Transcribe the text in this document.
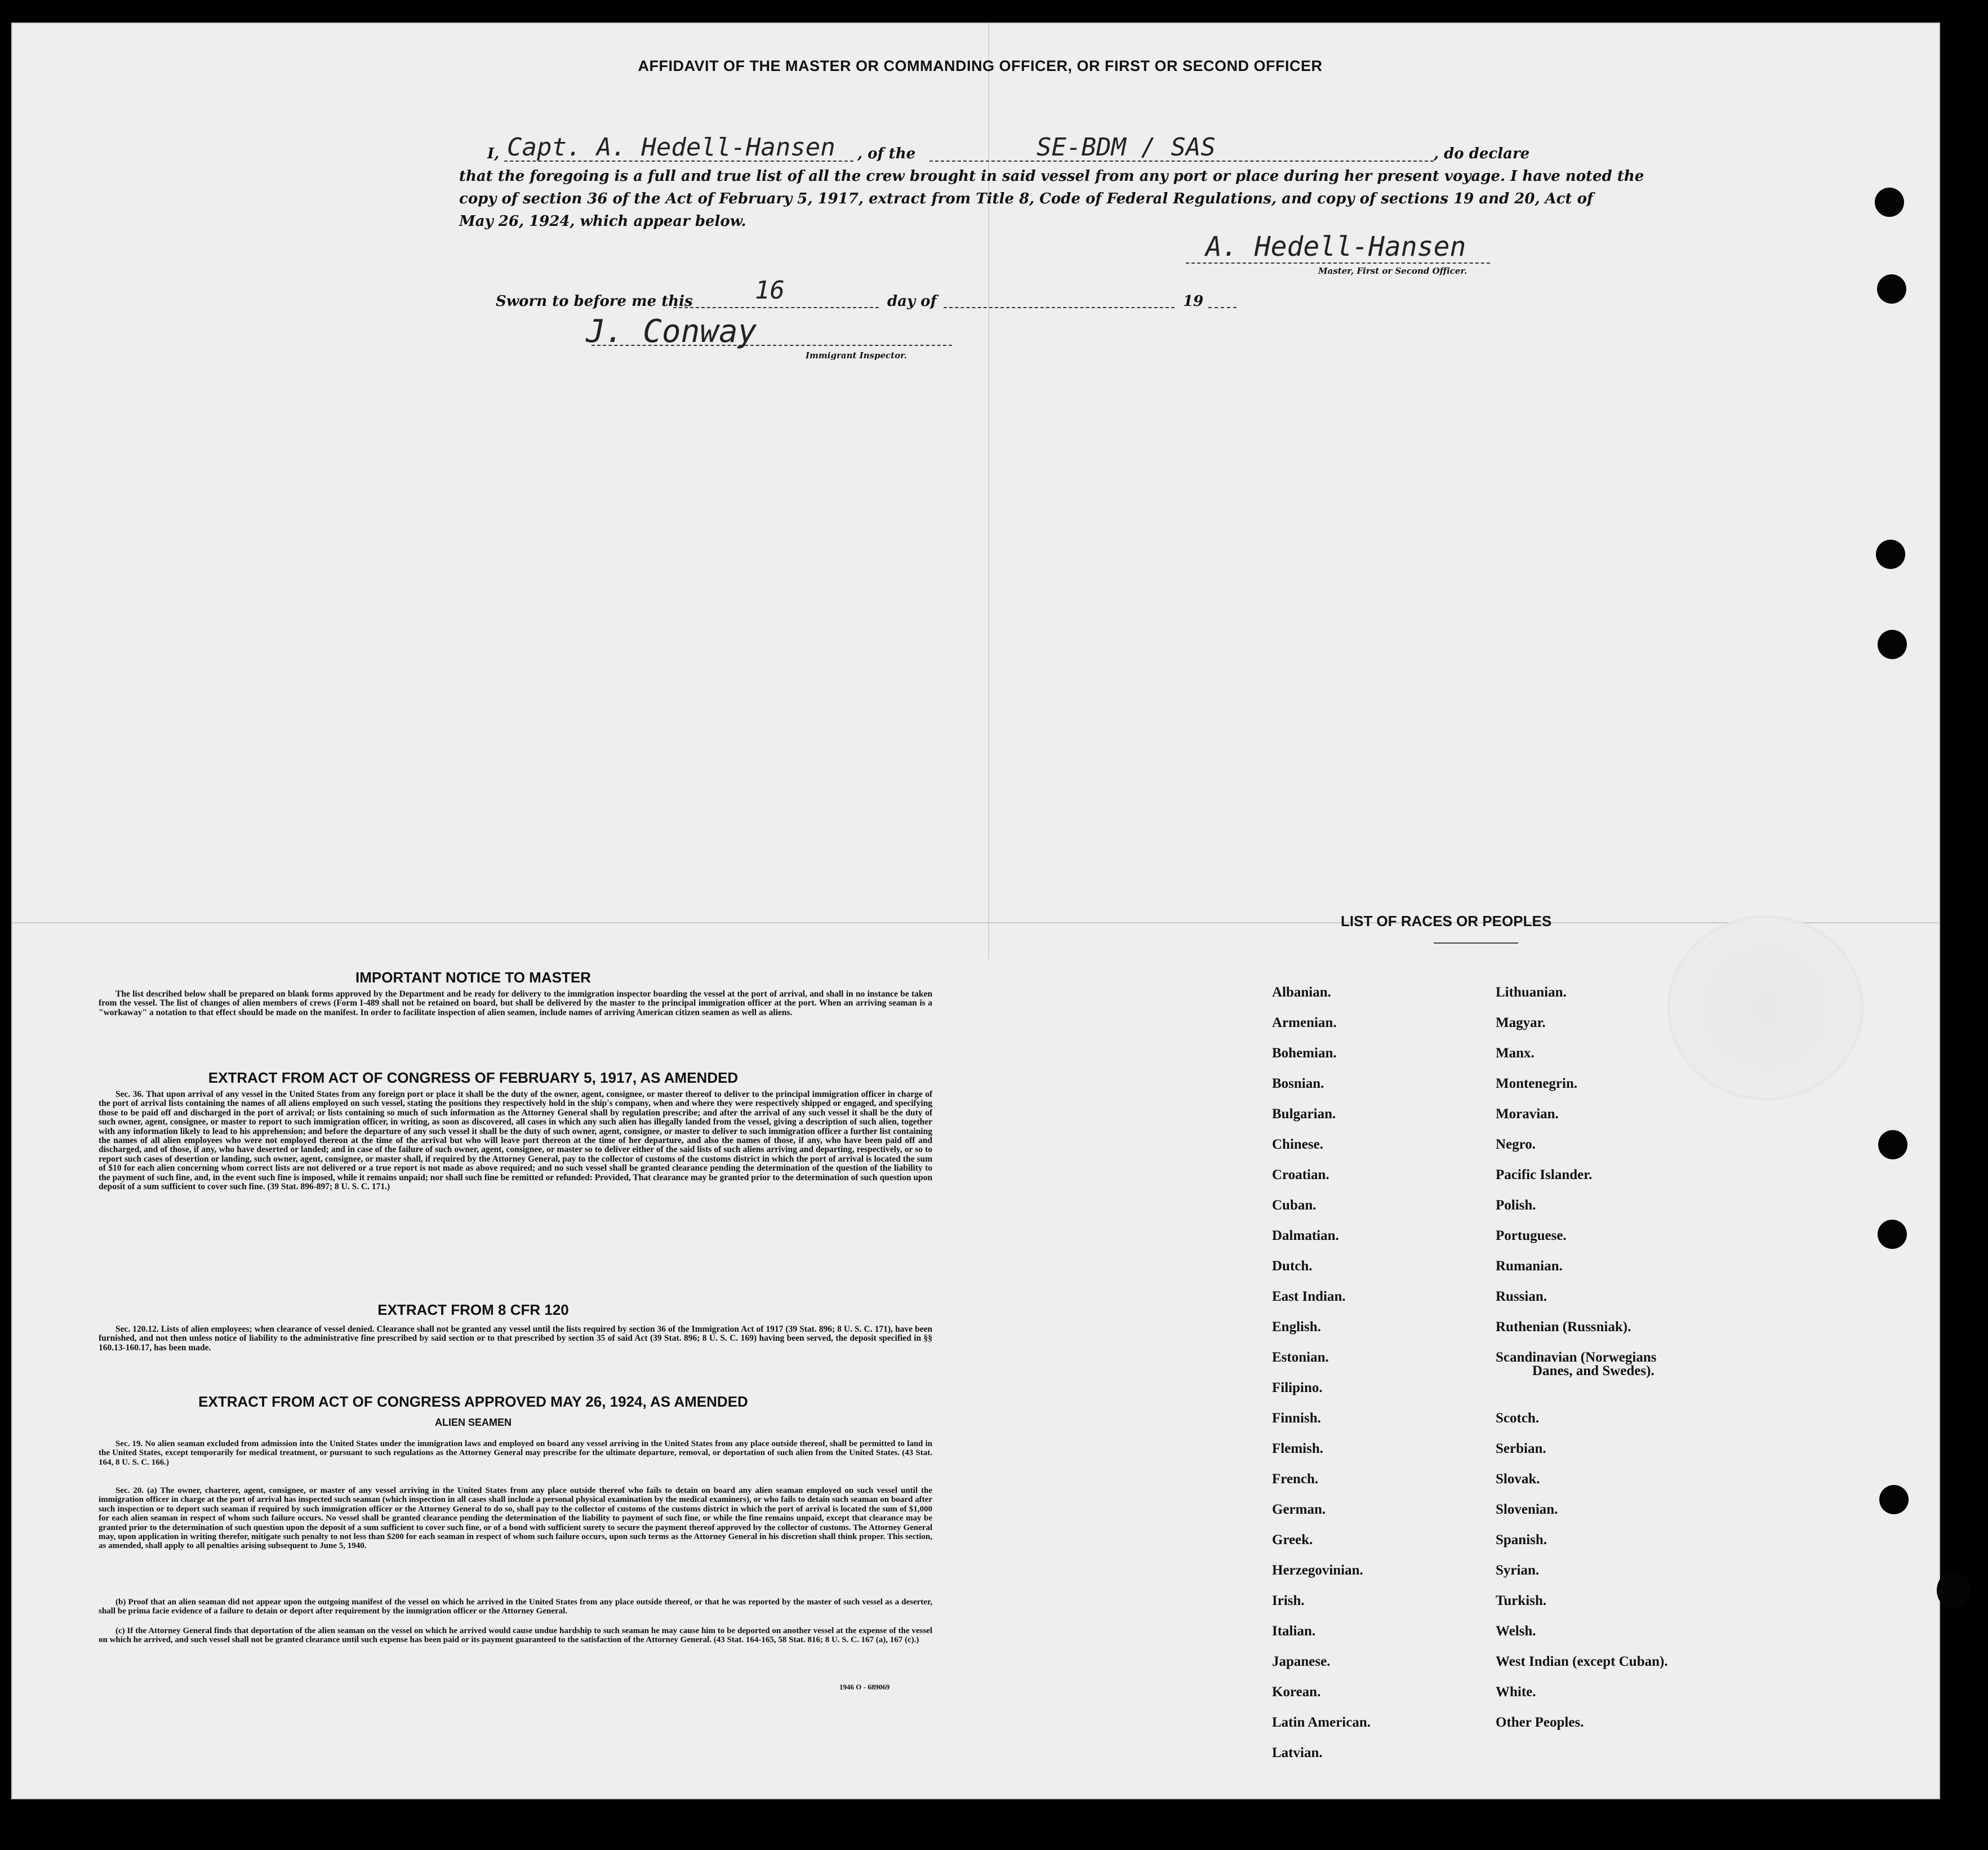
AFFIDAVIT OF THE MASTER OR COMMANDING OFFICER, OR FIRST OR SECOND OFFICER
I, Capt. A. Hedell-Hansen , of the	SE-BDM / SAS	, do declare
that the foregoing is a full and true list of all the crew brought in said vessel from any port or place during her present voyage. I have noted the
copy of section 36 of the Act of February 5, 1917, extract from Title 8, Code of Federal Regulations, and copy of sections 19 and 20, Act of
May 26, 1924, which appear below.
A. Hedell-Hansen
Master, First or Second Officer.
Sworn to before me this	16	day of	19
J. Conway
Immigrant Inspector.
IMPORTANT NOTICE TO MASTER
The list described below shall be prepared on blank forms approved by the Department and be ready for delivery to the immigration inspector boarding the vessel at the port of arrival, and shall in no instance be taken from the vessel. The list of changes of alien members of crews (Form I-489 shall not be retained on board, but shall be delivered by the master to the principal immigration officer at the port. When an arriving seaman is a "workaway" a notation to that effect should be made on the manifest. In order to facilitate inspection of alien seamen, include names of arriving American citizen seamen as well as aliens.
EXTRACT FROM ACT OF CONGRESS OF FEBRUARY 5, 1917, AS AMENDED
Sec. 36. That upon arrival of any vessel in the United States from any foreign port or place it shall be the duty of the owner, agent, consignee, or master thereof to deliver to the principal immigration officer in charge of the port of arrival lists containing the names of all aliens employed on such vessel, stating the positions they respectively hold in the ship's company, when and where they were respectively shipped or engaged, and specifying those to be paid off and discharged in the port of arrival; or lists containing so much of such information as the Attorney General shall by regulation prescribe; and after the arrival of any such vessel it shall be the duty of such owner, agent, consignee, or master to report to such immigration officer, in writing, as soon as discovered, all cases in which any such alien has illegally landed from the vessel, giving a description of such alien, together with any information likely to lead to his apprehension; and before the departure of any such vessel it shall be the duty of such owner, agent, consignee, or master to deliver to such immigration officer a further list containing the names of all alien employees who were not employed thereon at the time of the arrival but who will leave port thereon at the time of her departure, and also the names of those, if any, who have been paid off and discharged, and of those, if any, who have deserted or landed; and in case of the failure of such owner, agent, consignee, or master so to deliver either of the said lists of such aliens arriving and departing, respectively, or so to report such cases of desertion or landing, such owner, agent, consignee, or master shall, if required by the Attorney General, pay to the collector of customs of the customs district in which the port of arrival is located the sum of $10 for each alien concerning whom correct lists are not delivered or a true report is not made as above required; and no such vessel shall be granted clearance pending the determination of the question of the liability to the payment of such fine, and, in the event such fine is imposed, while it remains unpaid; nor shall such fine be remitted or refunded: Provided, That clearance may be granted prior to the determination of such question upon deposit of a sum sufficient to cover such fine. (39 Stat. 896-897; 8 U. S. C. 171.)
EXTRACT FROM 8 CFR 120
Sec. 120.12. Lists of alien employees; when clearance of vessel denied. Clearance shall not be granted any vessel until the lists required by section 36 of the Immigration Act of 1917 (39 Stat. 896; 8 U. S. C. 171), have been furnished, and not then unless notice of liability to the administrative fine prescribed by said section or to that prescribed by section 35 of said Act (39 Stat. 896; 8 U. S. C. 169) having been served, the deposit specified in §§ 160.13-160.17, has been made.
EXTRACT FROM ACT OF CONGRESS APPROVED MAY 26, 1924, AS AMENDED
ALIEN SEAMEN
Sec. 19. No alien seaman excluded from admission into the United States under the immigration laws and employed on board any vessel arriving in the United States from any place outside thereof, shall be permitted to land in the United States, except temporarily for medical treatment, or pursuant to such regulations as the Attorney General may prescribe for the ultimate departure, removal, or deportation of such alien from the United States. (43 Stat. 164, 8 U. S. C. 166.)
Sec. 20. (a) The owner, charterer, agent, consignee, or master of any vessel arriving in the United States from any place outside thereof who fails to detain on board any alien seaman employed on such vessel until the immigration officer in charge at the port of arrival has inspected such seaman (which inspection in all cases shall include a personal physical examination by the medical examiners), or who fails to detain such seaman on board after such inspection or to deport such seaman if required by such immigration officer or the Attorney General to do so, shall pay to the collector of customs of the customs district in which the port of arrival is located the sum of $1,000 for each alien seaman in respect of whom such failure occurs. No vessel shall be granted clearance pending the determination of the liability to payment of such fine, or while the fine remains unpaid, except that clearance may be granted prior to the determination of such question upon the deposit of a sum sufficient to cover such fine, or of a bond with sufficient surety to secure the payment thereof approved by the collector of customs. The Attorney General may, upon application in writing therefor, mitigate such penalty to not less than $200 for each seaman in respect of whom such failure occurs, upon such terms as the Attorney General in his discretion shall think proper. This section, as amended, shall apply to all penalties arising subsequent to June 5, 1940.
(b) Proof that an alien seaman did not appear upon the outgoing manifest of the vessel on which he arrived in the United States from any place outside thereof, or that he was reported by the master of such vessel as a deserter, shall be prima facie evidence of a failure to detain or deport after requirement by the immigration officer or the Attorney General.
(c) If the Attorney General finds that deportation of the alien seaman on the vessel on which he arrived would cause undue hardship to such seaman he may cause him to be deported on another vessel at the expense of the vessel on which he arrived, and such vessel shall not be granted clearance until such expense has been paid or its payment guaranteed to the satisfaction of the Attorney General. (43 Stat. 164-165, 58 Stat. 816; 8 U. S. C. 167 (a), 167 (c).)
1946 O - 689069
LIST OF RACES OR PEOPLES
Albanian.
Armenian.
Bohemian.
Bosnian.
Bulgarian.
Chinese.
Croatian.
Cuban.
Dalmatian.
Dutch.
East Indian.
English.
Estonian.
Filipino.
Finnish.
Flemish.
French.
German.
Greek.
Herzegovinian.
Irish.
Italian.
Japanese.
Korean.
Latin American.
Latvian.
Lithuanian.
Magyar.
Manx.
Montenegrin.
Moravian.
Negro.
Pacific Islander.
Polish.
Portuguese.
Rumanian.
Russian.
Ruthenian (Russniak).
Scandinavian (Norwegians
Danes, and Swedes).
Scotch.
Serbian.
Slovak.
Slovenian.
Spanish.
Syrian.
Turkish.
Welsh.
West Indian (except Cuban).
White.
Other Peoples.
